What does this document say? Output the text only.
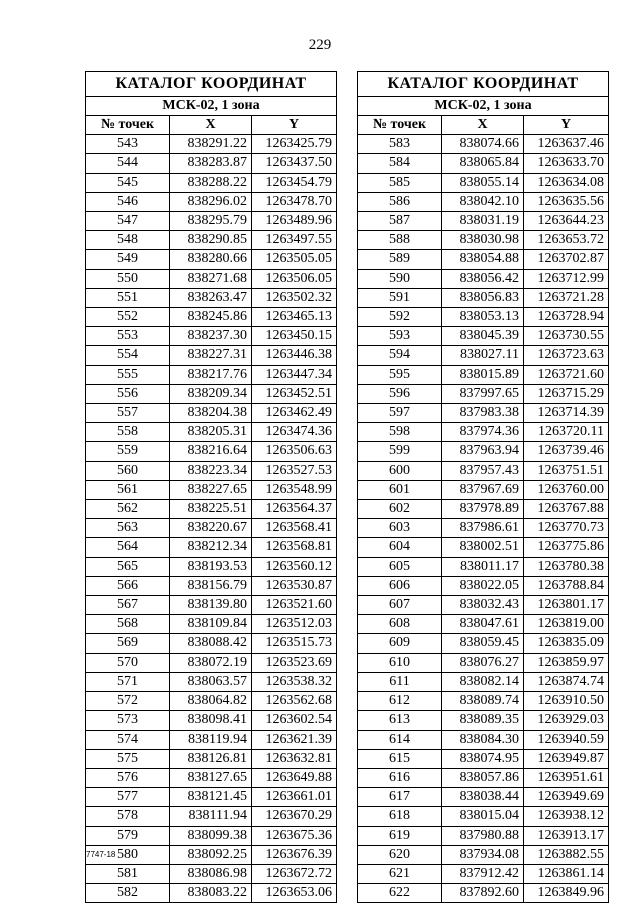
229
КАТАЛОГ КООРДИНАТ		
МСК-02, 1 зона		
№ точек	X	Y
543	838291.22	1263425.79
544	838283.87	1263437.50
545	838288.22	1263454.79
546	838296.02	1263478.70
547	838295.79	1263489.96
548	838290.85	1263497.55
549	838280.66	1263505.05
550	838271.68	1263506.05
551	838263.47	1263502.32
552	838245.86	1263465.13
553	838237.30	1263450.15
554	838227.31	1263446.38
555	838217.76	1263447.34
556	838209.34	1263452.51
557	838204.38	1263462.49
558	838205.31	1263474.36
559	838216.64	1263506.63
560	838223.34	1263527.53
561	838227.65	1263548.99
562	838225.51	1263564.37
563	838220.67	1263568.41
564	838212.34	1263568.81
565	838193.53	1263560.12
566	838156.79	1263530.87
567	838139.80	1263521.60
568	838109.84	1263512.03
569	838088.42	1263515.73
570	838072.19	1263523.69
571	838063.57	1263538.32
572	838064.82	1263562.68
573	838098.41	1263602.54
574	838119.94	1263621.39
575	838126.81	1263632.81
576	838127.65	1263649.88
577	838121.45	1263661.01
578	838111.94	1263670.29
579	838099.38	1263675.36
580	838092.25	1263676.39
581	838086.98	1263672.72
582	838083.22	1263653.06
КАТАЛОГ КООРДИНАТ		
МСК-02, 1 зона		
№ точек	X	Y
583	838074.66	1263637.46
584	838065.84	1263633.70
585	838055.14	1263634.08
586	838042.10	1263635.56
587	838031.19	1263644.23
588	838030.98	1263653.72
589	838054.88	1263702.87
590	838056.42	1263712.99
591	838056.83	1263721.28
592	838053.13	1263728.94
593	838045.39	1263730.55
594	838027.11	1263723.63
595	838015.89	1263721.60
596	837997.65	1263715.29
597	837983.38	1263714.39
598	837974.36	1263720.11
599	837963.94	1263739.46
600	837957.43	1263751.51
601	837967.69	1263760.00
602	837978.89	1263767.88
603	837986.61	1263770.73
604	838002.51	1263775.86
605	838011.17	1263780.38
606	838022.05	1263788.84
607	838032.43	1263801.17
608	838047.61	1263819.00
609	838059.45	1263835.09
610	838076.27	1263859.97
611	838082.14	1263874.74
612	838089.74	1263910.50
613	838089.35	1263929.03
614	838084.30	1263940.59
615	838074.95	1263949.87
616	838057.86	1263951.61
617	838038.44	1263949.69
618	838015.04	1263938.12
619	837980.88	1263913.17
620	837934.08	1263882.55
621	837912.42	1263861.14
622	837892.60	1263849.96
7747-18
